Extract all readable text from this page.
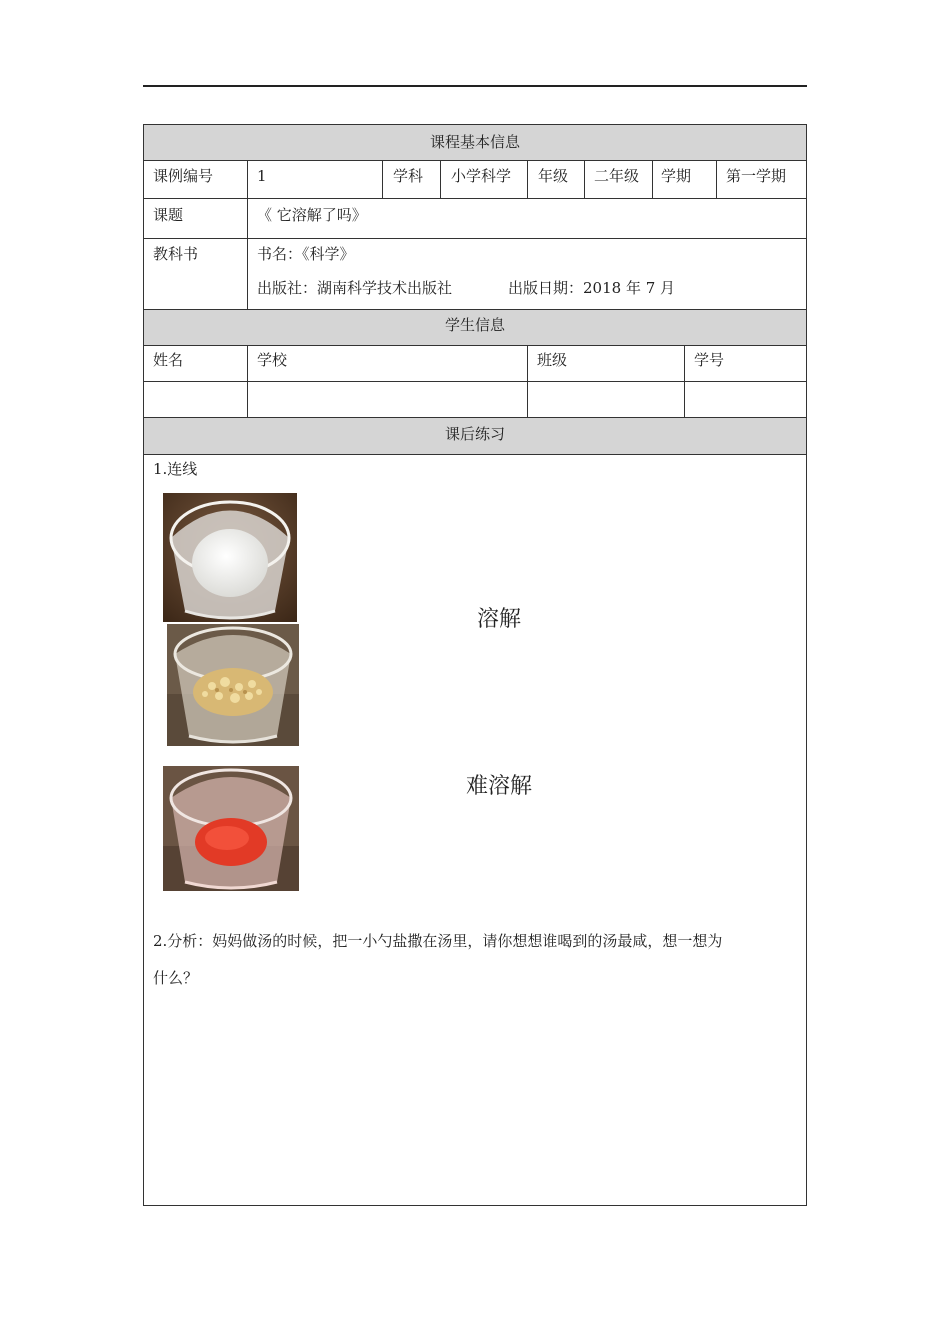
课程基本信息
课例编号	1	学科 小学科学 年级 二年级 学期 第一学期
课题	《 它溶解了吗》
教科书	书名：《科学》
出版社：湖南科学技术出版社	出版日期：2018 年 7 月
学生信息
姓名	学校	班级	学号
课后练习
1.连线
溶解
难溶解
2.分析：妈妈做汤的时候，把一小勺盐撒在汤里，请你想想谁喝到的汤最咸，想一想为
什么？
